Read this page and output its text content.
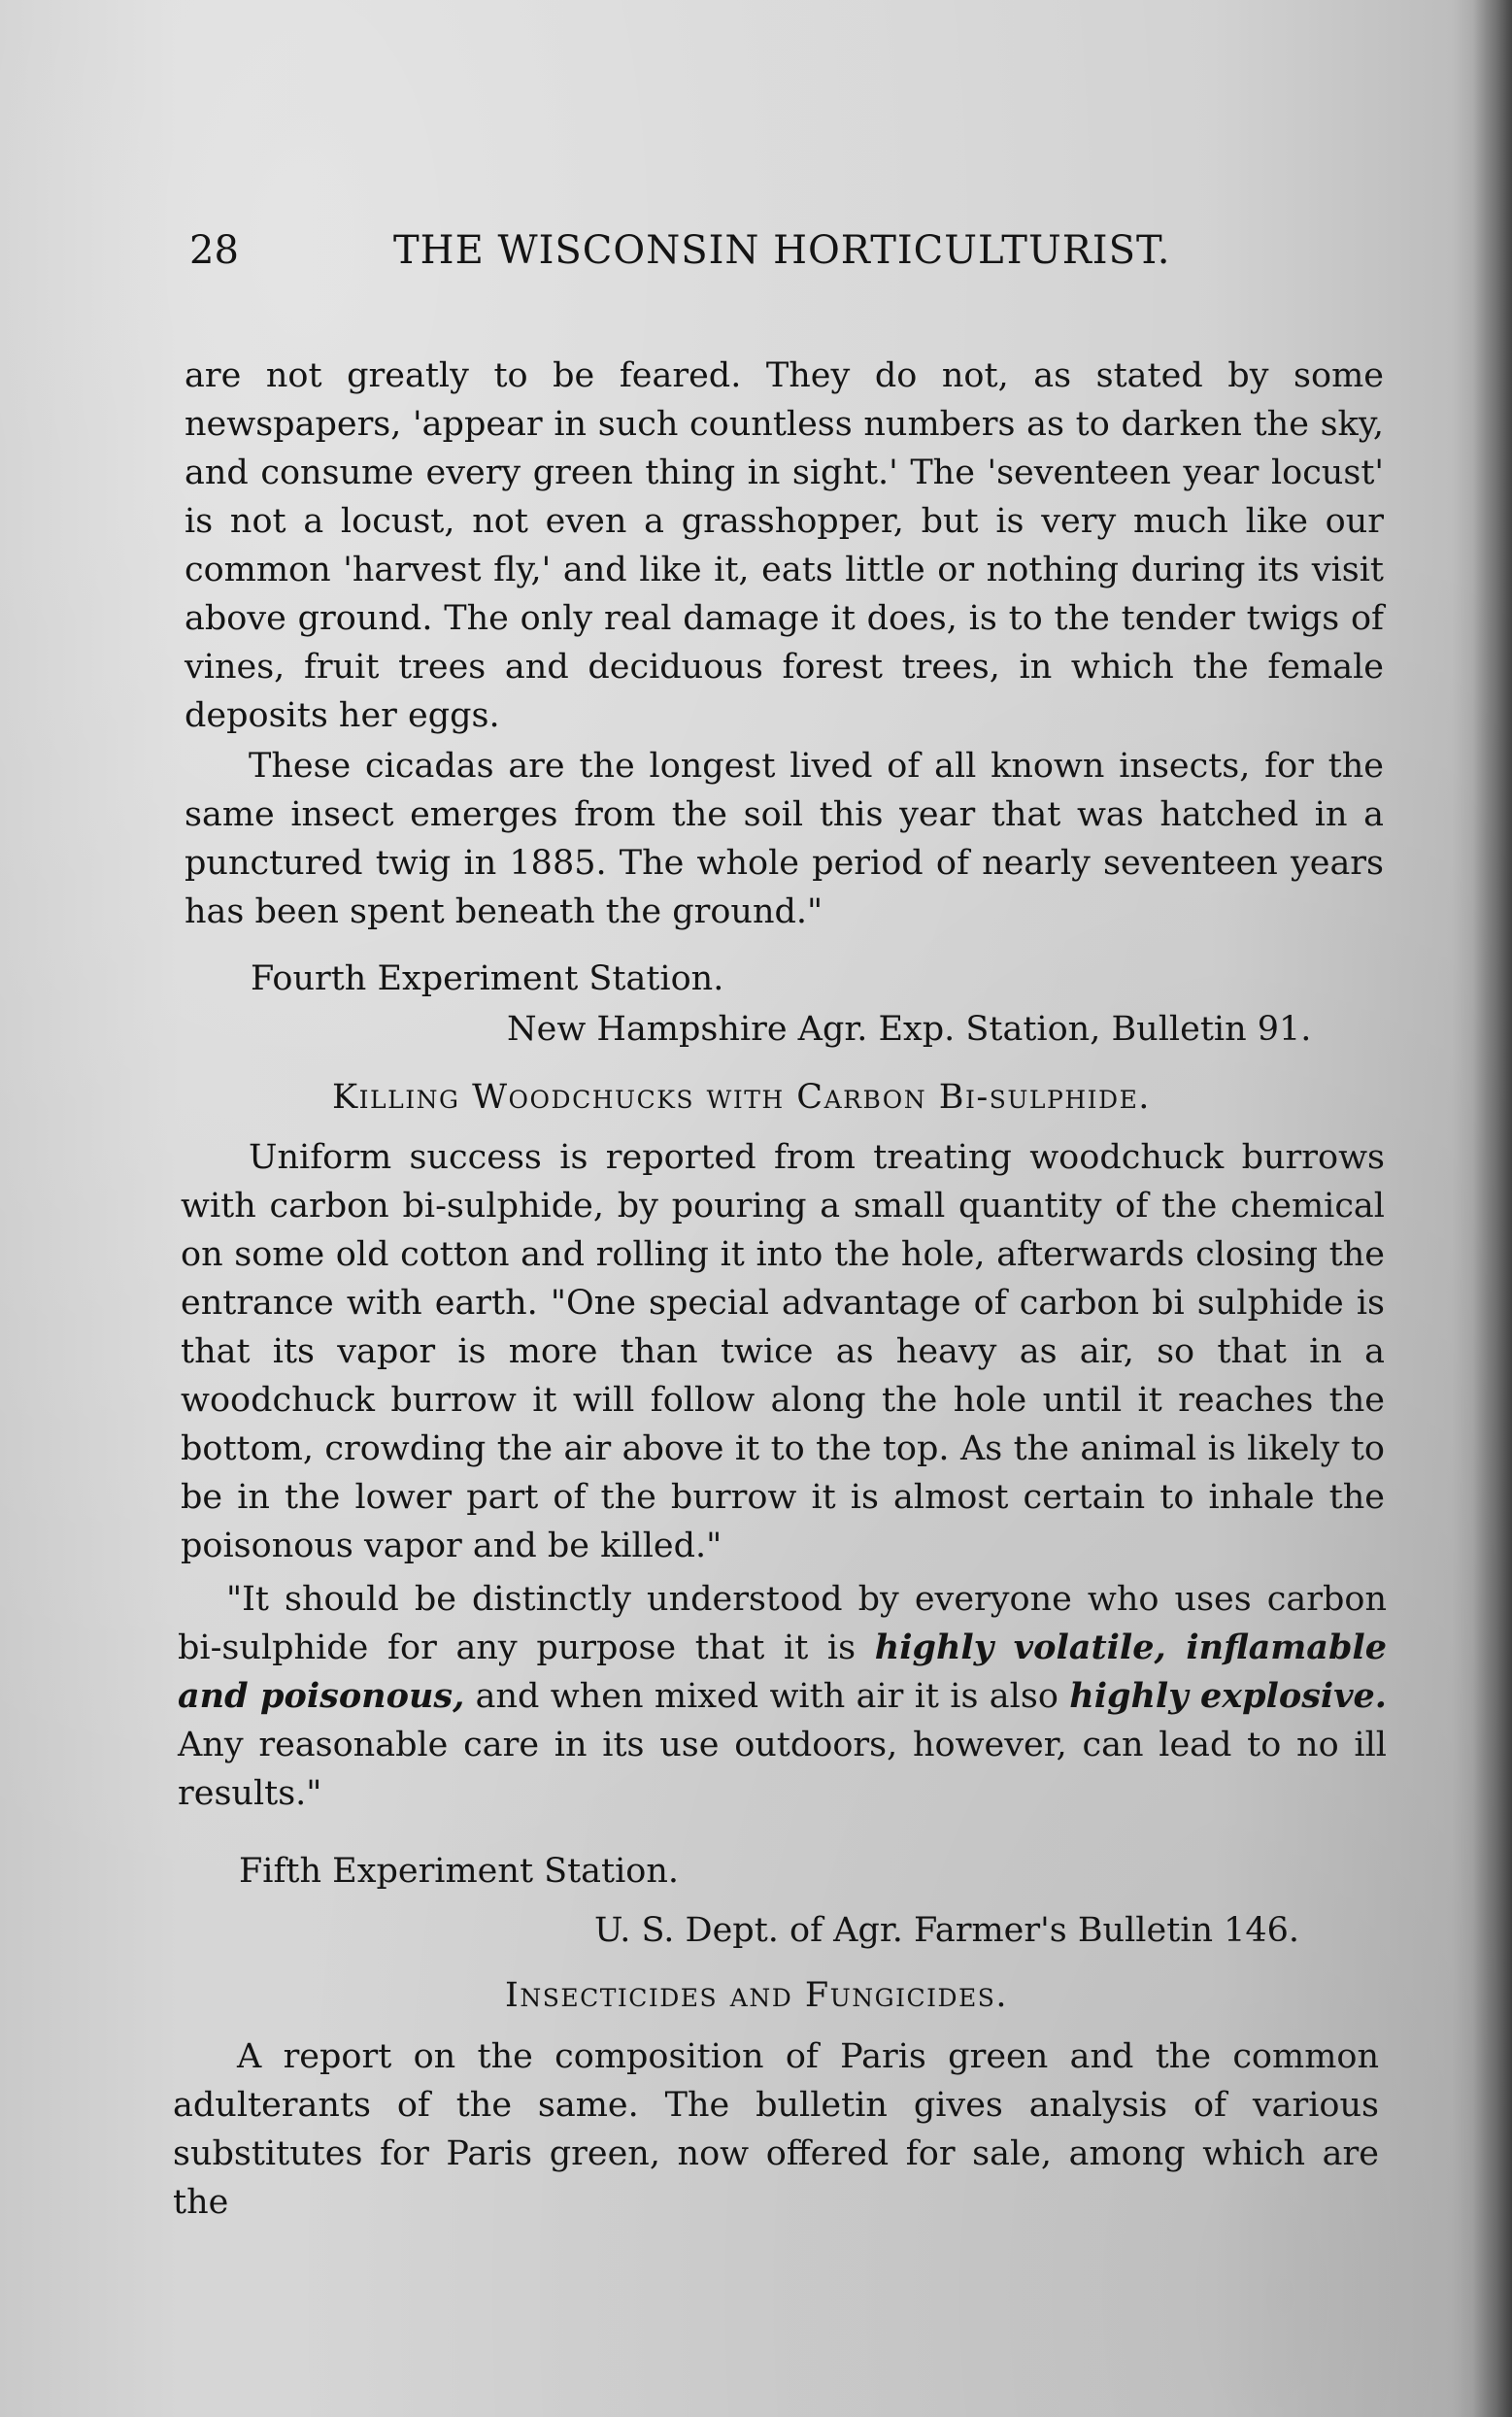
28	THE WISCONSIN HORTICULTURIST.

are not greatly to be feared. They do not, as stated by some newspapers, 'appear in such countless numbers as to darken the sky, and consume every green thing in sight.' The 'seventeen year locust' is not a locust, not even a grasshopper, but is very much like our common 'harvest fly,' and like it, eats little or nothing during its visit above ground. The only real damage it does, is to the tender twigs of vines, fruit trees and deciduous forest trees, in which the female deposits her eggs.

These cicadas are the longest lived of all known insects, for the same insect emerges from the soil this year that was hatched in a punctured twig in 1885. The whole period of nearly seventeen years has been spent beneath the ground."

Fourth Experiment Station.

New Hampshire Agr. Exp. Station, Bulletin 91.

Killing Woodchucks with Carbon Bi-sulphide.

Uniform success is reported from treating woodchuck burrows with carbon bi-sulphide, by pouring a small quantity of the chemical on some old cotton and rolling it into the hole, afterwards closing the entrance with earth. "One special advantage of carbon bi sulphide is that its vapor is more than twice as heavy as air, so that in a woodchuck burrow it will follow along the hole until it reaches the bottom, crowding the air above it to the top. As the animal is likely to be in the lower part of the burrow it is almost certain to inhale the poisonous vapor and be killed."

"It should be distinctly understood by everyone who uses carbon bi-sulphide for any purpose that it is highly volatile, inflamable and poisonous, and when mixed with air it is also highly explosive. Any reasonable care in its use outdoors, however, can lead to no ill results."

Fifth Experiment Station.

U. S. Dept. of Agr. Farmer's Bulletin 146.

Insecticides and Fungicides.

A report on the composition of Paris green and the common adulterants of the same. The bulletin gives analysis of various substitutes for Paris green, now offered for sale, among which are the
